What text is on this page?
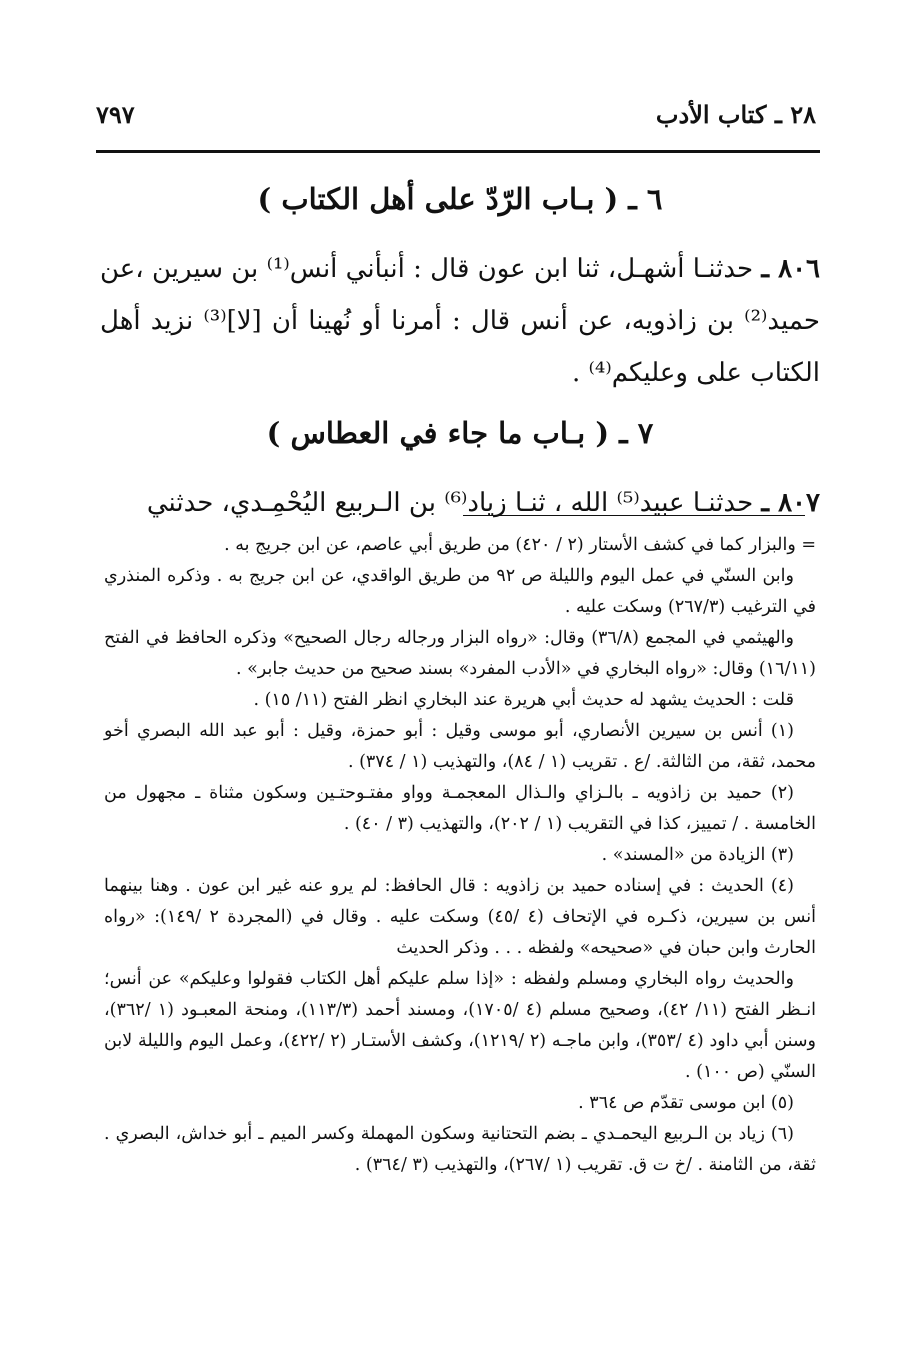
٢٨ ـ كتاب الأدب
٧٩٧
٦ ـ ( بـاب الرّدّ على أهل الكتاب )

٨٠٦ ـ حدثنـا أشهـل، ثنا ابن عون قال : أنبأني أنس⁽¹⁾ بن سيرين ،عن حميد⁽²⁾ بن زاذويه، عن أنس قال : أمرنا أو نُهينا أن [لا]⁽³⁾ نزيد أهل الكتاب على وعليكم⁽⁴⁾ .

٧ ـ ( بـاب ما جاء في العطاس )

٨٠٧ ـ حدثنـا عبيد⁽⁵⁾ الله ، ثنـا زياد⁽⁶⁾ بن الـربيع اليُحْمِـدي، حدثني

= والبزار كما في كشف الأستار (٢ / ٤٢٠) من طريق أبي عاصم، عن ابن جريج به .

وابن السنّي في عمل اليوم والليلة ص ٩٢ من طريق الواقدي، عن ابن جريج به . وذكره المنذري في الترغيب (٢٦٧/٣) وسكت عليه .

والهيثمي في المجمع (٣٦/٨) وقال: «رواه البزار ورجاله رجال الصحيح» وذكره الحافظ في الفتح (١٦/١١) وقال: «رواه البخاري في «الأدب المفرد» بسند صحيح من حديث جابر» .

قلت : الحديث يشهد له حديث أبي هريرة عند البخاري انظر الفتح (١١/ ١٥) .

(١) أنس بن سيرين الأنصاري، أبو موسى وقيل : أبو حمزة، وقيل : أبو عبد الله البصري أخو محمد، ثقة، من الثالثة. /ع . تقريب (١ / ٨٤)، والتهذيب (١ / ٣٧٤) .

(٢) حميد بن زاذويه ـ بالـزاي والـذال المعجمـة وواو مفتـوحتـين وسكون مثناة ـ مجهول من الخامسة . / تمييز، كذا في التقريب (١ / ٢٠٢)، والتهذيب (٣ / ٤٠) .

(٣) الزيادة من «المسند» .

(٤) الحديث : في إسناده حميد بن زاذويه : قال الحافظ: لم يرو عنه غير ابن عون . وهنا بينهما أنس بن سيرين، ذكـره في الإتحاف (٤ /٤٥) وسكت عليه . وقال في (المجردة ٢ /١٤٩): «رواه الحارث وابن حبان في «صحيحه» ولفظه . . . وذكر الحديث

والحديث رواه البخاري ومسلم ولفظه : «إذا سلم عليكم أهل الكتاب فقولوا وعليكم» عن أنس؛ انـظر الفتح (١١/ ٤٢)، وصحيح مسلم (٤ /١٧٠٥)، ومسند أحمد (١١٣/٣)، ومنحة المعبـود (١ /٣٦٢)، وسنن أبي داود (٤ /٣٥٣)، وابن ماجـه (٢ /١٢١٩)، وكشف الأستـار (٢ /٤٢٢)، وعمل اليوم والليلة لابن السنّي (ص ١٠٠) .

(٥) ابن موسى تقدّم ص ٣٦٤ .

(٦) زياد بن الـربيع اليحمـدي ـ بضم التحتانية وسكون المهملة وكسر الميم ـ أبو خداش، البصري . ثقة، من الثامنة . /خ ت ق. تقريب (١ /٢٦٧)، والتهذيب (٣ /٣٦٤) .
